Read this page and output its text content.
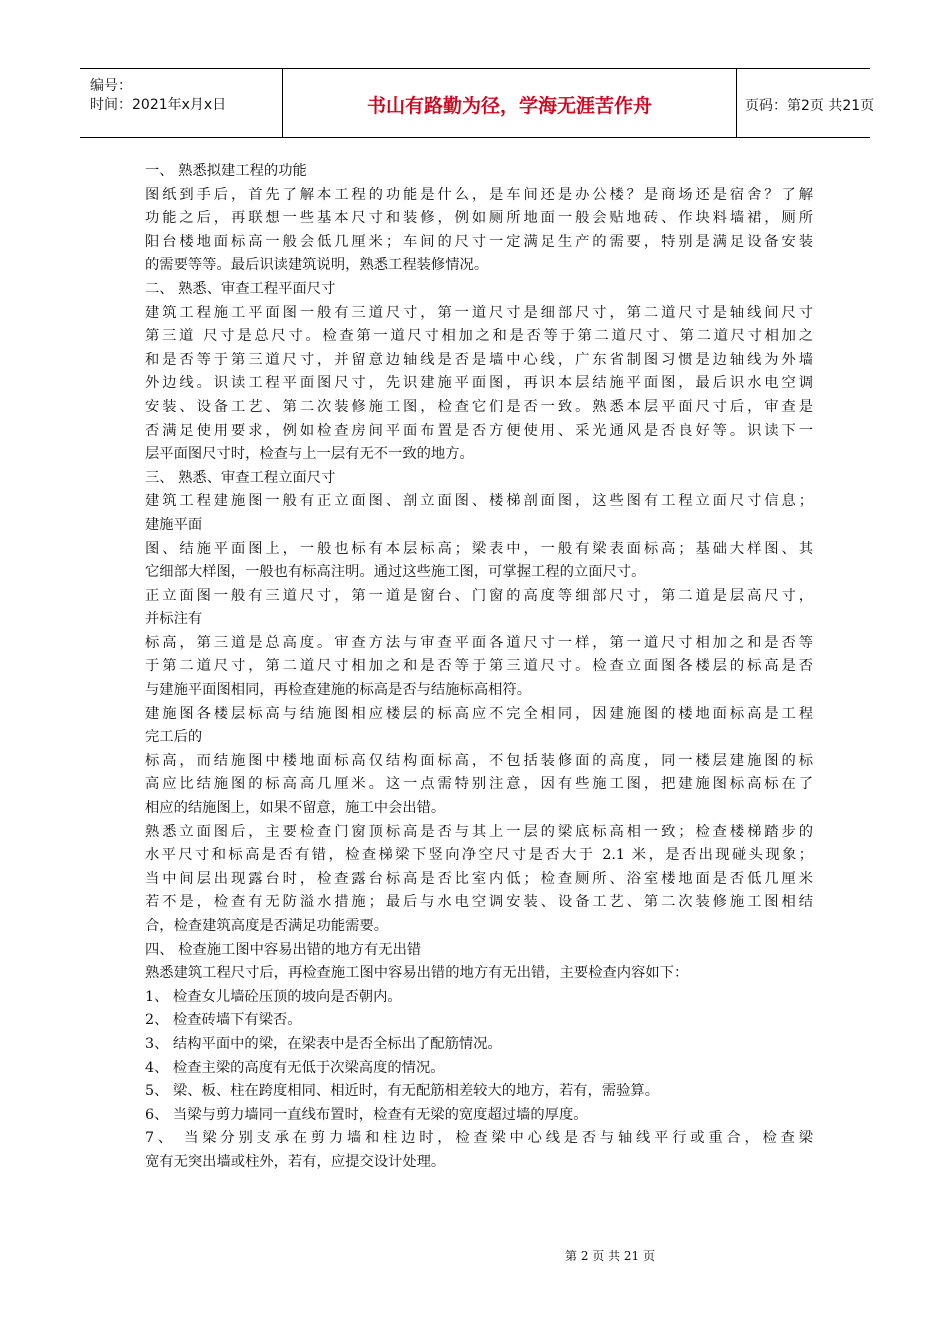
编号：
时间：2021年x月x日	书山有路勤为径，学海无涯苦作舟	页码：第2页 共21页
一、 熟悉拟建工程的功能
图纸到手后，首先了解本工程的功能是什么，是车间还是办公楼？是商场还是宿舍？了解
功能之后，再联想一些基本尺寸和装修，例如厕所地面一般会贴地砖、作块料墙裙，厕所
阳台楼地面标高一般会低几厘米；车间的尺寸一定满足生产的需要，特别是满足设备安装
的需要等等。最后识读建筑说明，熟悉工程装修情况。
二、 熟悉、审查工程平面尺寸
建筑工程施工平面图一般有三道尺寸，第一道尺寸是细部尺寸，第二道尺寸是轴线间尺寸
第三道 尺寸是总尺寸。检查第一道尺寸相加之和是否等于第二道尺寸、第二道尺寸相加之
和是否等于第三道尺寸，并留意边轴线是否是墙中心线，广东省制图习惯是边轴线为外墙
外边线。识读工程平面图尺寸，先识建施平面图，再识本层结施平面图，最后识水电空调
安装、设备工艺、第二次装修施工图，检查它们是否一致。熟悉本层平面尺寸后，审查是
否满足使用要求，例如检查房间平面布置是否方便使用、采光通风是否良好等。识读下一
层平面图尺寸时，检查与上一层有无不一致的地方。
三、 熟悉、审查工程立面尺寸
建筑工程建施图一般有正立面图、剖立面图、楼梯剖面图，这些图有工程立面尺寸信息；
建施平面
图、结施平面图上，一般也标有本层标高；梁表中，一般有梁表面标高；基础大样图、其
它细部大样图，一般也有标高注明。通过这些施工图，可掌握工程的立面尺寸。
正立面图一般有三道尺寸，第一道是窗台、门窗的高度等细部尺寸，第二道是层高尺寸，
并标注有
标高，第三道是总高度。审查方法与审查平面各道尺寸一样，第一道尺寸相加之和是否等
于第二道尺寸，第二道尺寸相加之和是否等于第三道尺寸。检查立面图各楼层的标高是否
与建施平面图相同，再检查建施的标高是否与结施标高相符。
建施图各楼层标高与结施图相应楼层的标高应不完全相同，因建施图的楼地面标高是工程
完工后的
标高，而结施图中楼地面标高仅结构面标高，不包括装修面的高度，同一楼层建施图的标
高应比结施图的标高高几厘米。这一点需特别注意，因有些施工图，把建施图标高标在了
相应的结施图上，如果不留意，施工中会出错。
熟悉立面图后，主要检查门窗顶标高是否与其上一层的梁底标高相一致；检查楼梯踏步的
水平尺寸和标高是否有错，检查梯梁下竖向净空尺寸是否大于 2.1 米，是否出现碰头现象；
当中间层出现露台时，检查露台标高是否比室内低；检查厕所、浴室楼地面是否低几厘米
若不是，检查有无防溢水措施；最后与水电空调安装、设备工艺、第二次装修施工图相结
合，检查建筑高度是否满足功能需要。
四、 检查施工图中容易出错的地方有无出错
熟悉建筑工程尺寸后，再检查施工图中容易出错的地方有无出错，主要检查内容如下：
1、 检查女儿墙砼压顶的坡向是否朝内。
2、 检查砖墙下有梁否。
3、 结构平面中的梁，在梁表中是否全标出了配筋情况。
4、 检查主梁的高度有无低于次梁高度的情况。
5、 梁、板、柱在跨度相同、相近时，有无配筋相差较大的地方，若有，需验算。
6、 当梁与剪力墙同一直线布置时，检查有无梁的宽度超过墙的厚度。
7、 当梁分别支承在剪力墙和柱边时，检查梁中心线是否与轴线平行或重合，检查梁
宽有无突出墙或柱外，若有，应提交设计处理。
第 2 页 共 21 页
